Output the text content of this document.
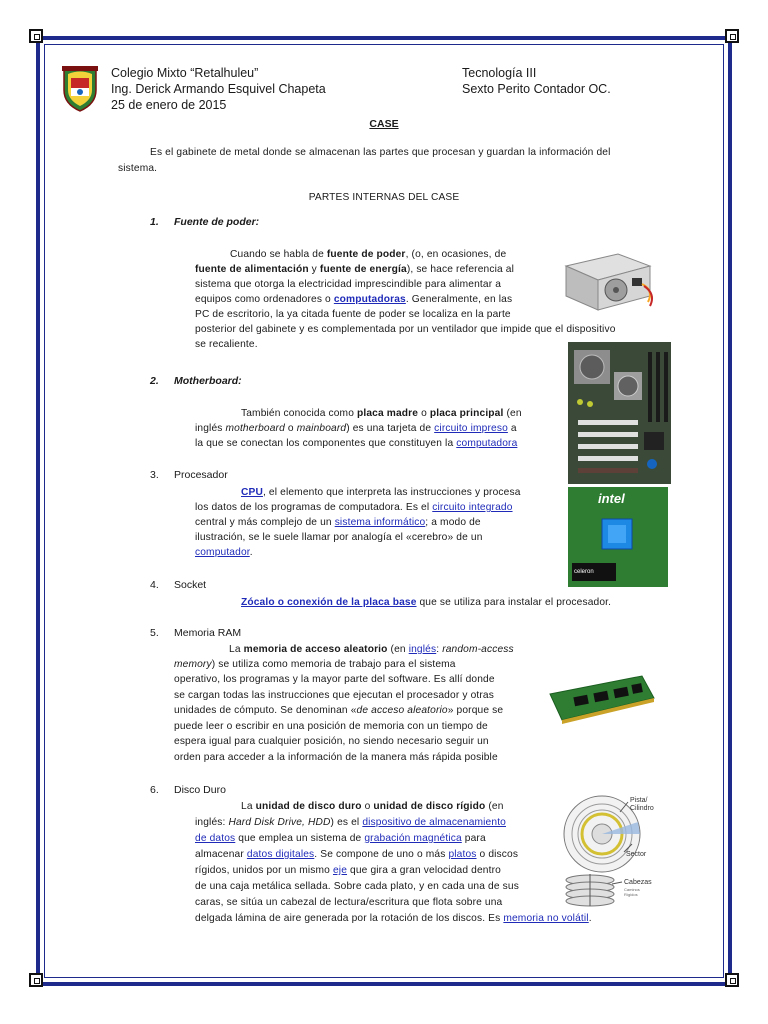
Colegio Mixto “Retalhuleu”
Ing. Derick Armando Esquivel Chapeta
25 de enero de 2015
Tecnología III
Sexto Perito Contador OC.
CASE
Es el gabinete de metal donde se almacenan las partes que procesan y guardan la información del
sistema.
PARTES INTERNAS DEL CASE
1. Fuente de poder:
Cuando se habla de fuente de poder, (o, en ocasiones, de
fuente de alimentación y fuente de energía), se hace referencia al
sistema que otorga la electricidad imprescindible para alimentar a
equipos como ordenadores o computadoras. Generalmente, en las
PC de escritorio, la ya citada fuente de poder se localiza en la parte
posterior del gabinete y es complementada por un ventilador que impide que el dispositivo
se recaliente.
2. Motherboard:
También conocida como placa madre o placa principal (en
inglés motherboard o mainboard) es una tarjeta de circuito impreso a
la que se conectan los componentes que constituyen la computadora
3. Procesador
CPU, el elemento que interpreta las instrucciones y procesa
los datos de los programas de computadora. Es el circuito integrado
central y más complejo de un sistema informático; a modo de
ilustración, se le suele llamar por analogía el «cerebro» de un
computador.
intel
celeron
4. Socket
Zócalo o conexión de la placa base que se utiliza para instalar el procesador.
5. Memoria RAM
La memoria de acceso aleatorio (en inglés: random-access
memory) se utiliza como memoria de trabajo para el sistema
operativo, los programas y la mayor parte del software. Es allí donde
se cargan todas las instrucciones que ejecutan el procesador y otras
unidades de cómputo. Se denominan «de acceso aleatorio» porque se
puede leer o escribir en una posición de memoria con un tiempo de
espera igual para cualquier posición, no siendo necesario seguir un
orden para acceder a la información de la manera más rápida posible
6. Disco Duro
La unidad de disco duro o unidad de disco rígido (en
inglés: Hard Disk Drive, HDD) es el dispositivo de almacenamiento
de datos que emplea un sistema de grabación magnética para
almacenar datos digitales. Se compone de uno o más platos o discos
rígidos, unidos por un mismo eje que gira a gran velocidad dentro
de una caja metálica sellada. Sobre cada plato, y en cada una de sus
caras, se sitúa un cabezal de lectura/escritura que flota sobre una
delgada lámina de aire generada por la rotación de los discos. Es memoria no volátil.
Pista/
Cilindro
Sector
Cabezas
Caminos
Rígidos
